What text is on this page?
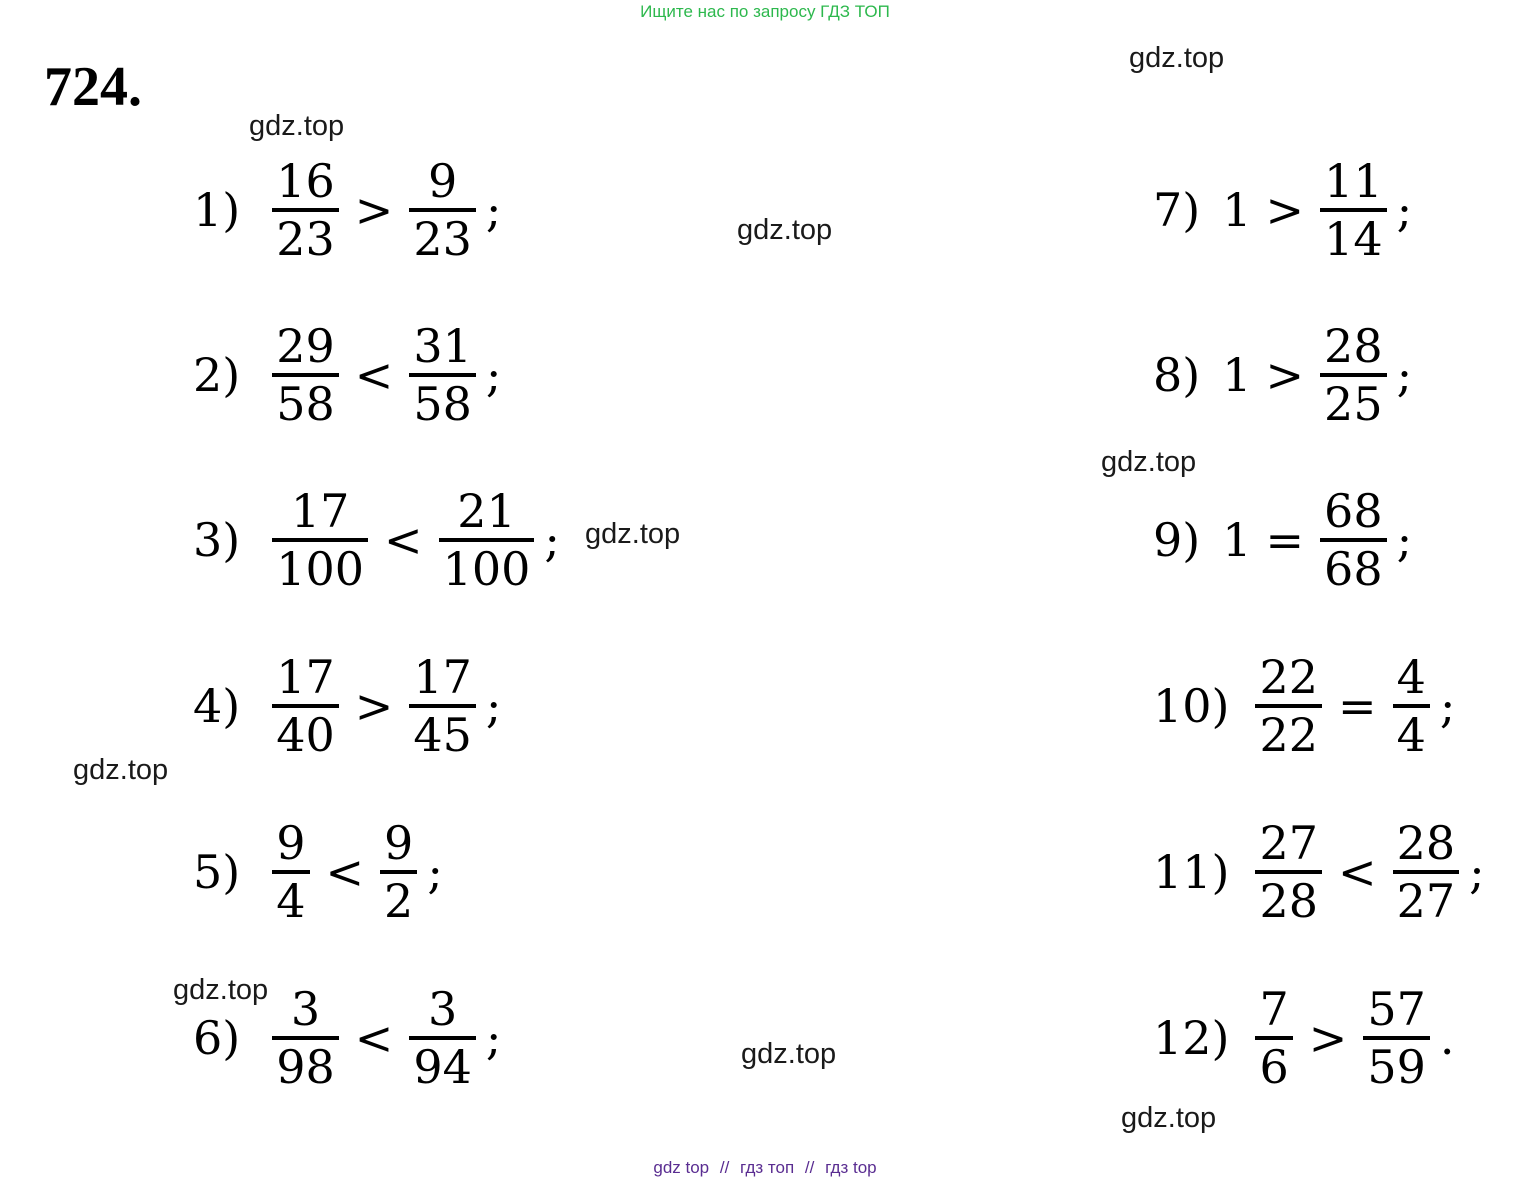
Ищите нас по запросу ГДЗ ТОП
724.	gdz.top
gdz.top
gdz.top
gdz.top
gdz.top
gdz.top
gdz.top
gdz.top
gdz.top
$1) \frac{16}{23} > \frac{9}{23}$ ;
$2) \frac{29}{58} < \frac{31}{58}$ ;
$3) \frac{17}{100} < \frac{21}{100}$ ;
$4) \frac{17}{40} > \frac{17}{45}$ ;
$5) \frac{9}{4} < \frac{9}{2}$ ;
$6) \frac{3}{98} < \frac{3}{94}$ ;
7) $1 > \frac{11}{14}$ ;
8) $1 > \frac{28}{25}$ ;
9) $1 = \frac{68}{68}$ ;
$10) \frac{22}{22} = \frac{4}{4}$ ;
$11) \frac{27}{28} < \frac{28}{27}$ ;
$12) \frac{7}{6} > \frac{57}{59}$ .
gdz top // гдз топ // гдз top
